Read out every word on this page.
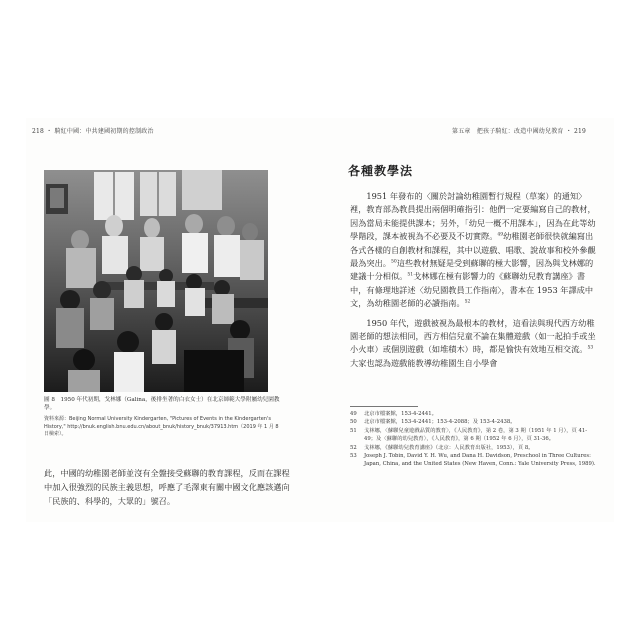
218 ・ 騎紅中國：中共建國初期的控制政治
圖 8　1950 年代初期，戈林娜（Galina，後排坐著的白衣女士）在北京師範大學附屬幼兒園教學。
資料來源：Beijing Normal University Kindergarten, "Pictures of Events in the Kindergarten's History," http://bnuk.english.bnu.edu.cn/about_bnuk/history_bnuk/37913.htm（2019 年 1 月 8 日檢索）。

此，中國的幼稚園老師並沒有全盤接受蘇聯的教育課程，反而在課程中加入很強烈的民族主義思想，呼應了毛澤東有關中國文化應該邁向「民族的、科學的，大眾的」號召。

第五章　把孩子騎紅：改造中國幼兒教育 ・ 219
各種教學法

1951 年發布的〈關於討論幼稚園暫行規程（草案）的通知〉裡，教育部為教員提出兩個明確指引：他們一定要編寫自己的教材，因為當局未能提供課本；另外，「幼兒一概不用課本」，因為在此等幼學階段，課本被視為不必要及不切實際。$^{49}$幼稚園老師很快就編寫出各式各樣的自創教材和課程，其中以遊戲、唱歌、說故事和校外參觀最為突出。$^{50}$這些教材無疑是受到蘇聯的極大影響，因為與戈林娜的建議十分相似。$^{51}$戈林娜在極有影響力的《蘇聯幼兒教育講座》書中，有條理地詳述〈幼兒園教員工作指南〉，書本在 1953 年譯成中文，為幼稚園老師的必讀指南。$^{52}$

1950 年代，遊戲被視為最根本的教材，這看法與現代西方幼稚園老師的想法相同，西方相信兒童不論在集體遊戲（如一起拍手或坐小火車）或個別遊戲（如堆積木）時，都是愉快有效地互相交流。$^{53}$大家也認為遊戲能教導幼稚園生自小學會

49 北京市檔案館，153-4-2441。
50 北京市檔案館，153-4-2441；153-4-2088；及 153-4-2438。
51 戈林娜，〈蘇聯兒童遊戲品質的教育〉，《人民教育》，第 2 卷，第 3 期（1951 年 1 月），頁 41-49；及〈蘇聯的幼兒教育〉，《人民教育》，第 6 期（1952 年 6 月），頁 31-36。
52 戈林娜，《蘇聯幼兒教育講座》（北京：人民教育出版社，1953），頁 8。
53 Joseph J. Tobin, David Y. H. Wu, and Dana H. Davidson, Preschool in Three Cultures: Japan, China, and the United States (New Haven, Conn.: Yale University Press, 1989).
